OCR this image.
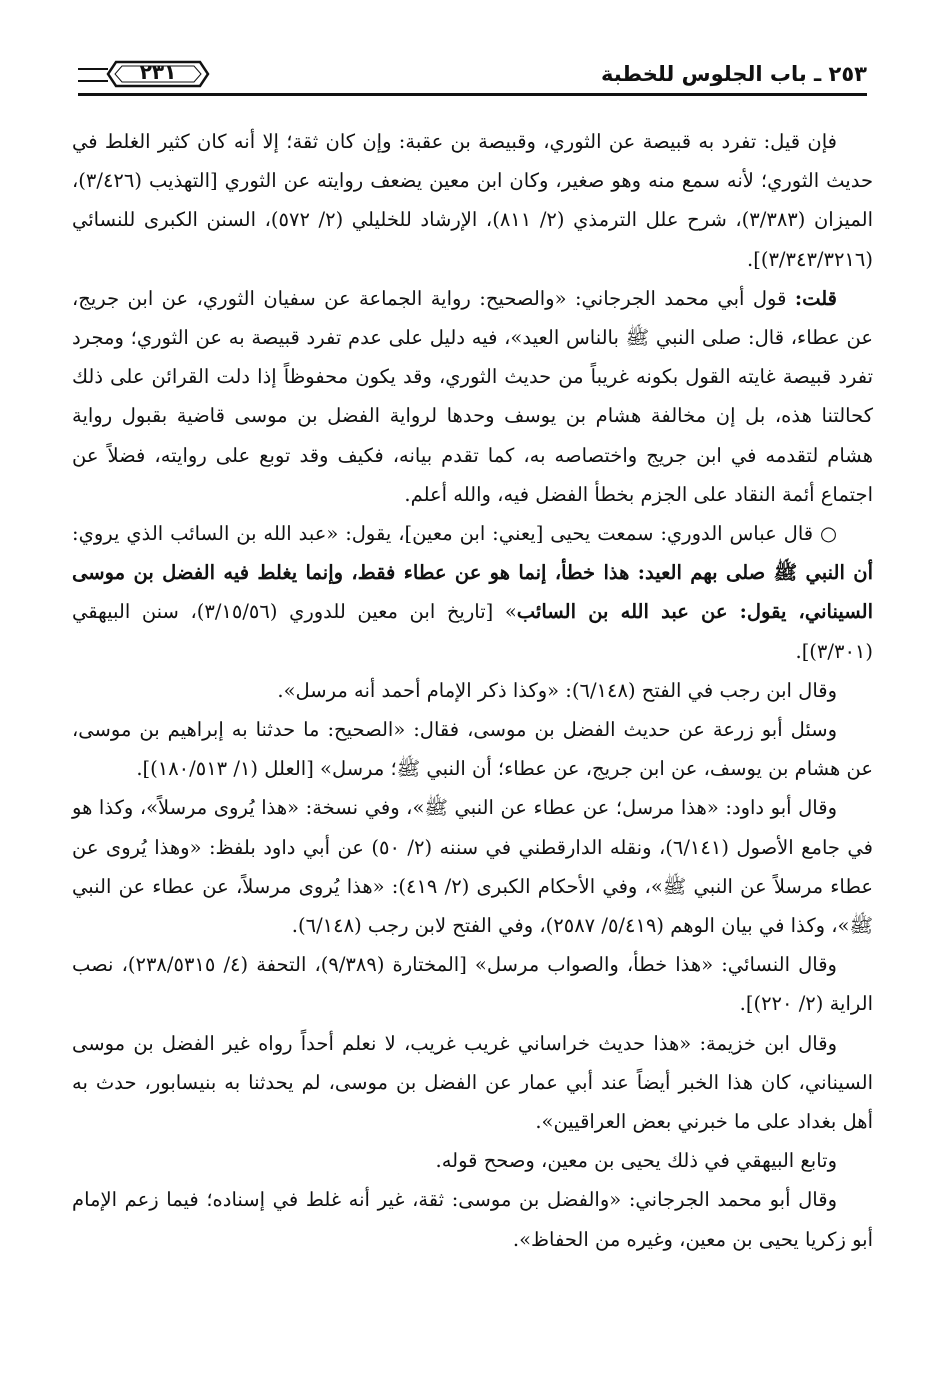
٢٥٣ ـ باب الجلوس للخطبة
٢٣١

فإن قيل: تفرد به قبيصة عن الثوري، وقبيصة بن عقبة: وإن كان ثقة؛ إلا أنه كان كثير الغلط في حديث الثوري؛ لأنه سمع منه وهو صغير، وكان ابن معين يضعف روايته عن الثوري [التهذيب (٣/٤٢٦)، الميزان (٣/٣٨٣)، شرح علل الترمذي (٢/ ٨١١)، الإرشاد للخليلي (٢/ ٥٧٢)، السنن الكبرى للنسائي (٣/٣٤٣/٣٢١٦)].

قلت: قول أبي محمد الجرجاني: «والصحيح: رواية الجماعة عن سفيان الثوري، عن ابن جريج، عن عطاء، قال: صلى النبي ﷺ بالناس العيد»، فيه دليل على عدم تفرد قبيصة به عن الثوري؛ ومجرد تفرد قبيصة غايته القول بكونه غريباً من حديث الثوري، وقد يكون محفوظاً إذا دلت القرائن على ذلك كحالتنا هذه، بل إن مخالفة هشام بن يوسف وحدها لرواية الفضل بن موسى قاضية بقبول رواية هشام لتقدمه في ابن جريج واختصاصه به، كما تقدم بيانه، فكيف وقد توبع على روايته، فضلاً عن اجتماع أئمة النقاد على الجزم بخطأ الفضل فيه، والله أعلم.

○ قال عباس الدوري: سمعت يحيى [يعني: ابن معين]، يقول: «عبد الله بن السائب الذي يروي: أن النبي ﷺ صلى بهم العيد: هذا خطأ، إنما هو عن عطاء فقط، وإنما يغلط فيه الفضل بن موسى السيناني، يقول: عن عبد الله بن السائب» [تاريخ ابن معين للدوري (٣/١٥/٥٦)، سنن البيهقي (٣/٣٠١)].

وقال ابن رجب في الفتح (٦/١٤٨): «وكذا ذكر الإمام أحمد أنه مرسل».

وسئل أبو زرعة عن حديث الفضل بن موسى، فقال: «الصحيح: ما حدثنا به إبراهيم بن موسى، عن هشام بن يوسف، عن ابن جريج، عن عطاء؛ أن النبي ﷺ؛ مرسل» [العلل (١/ ١٨٠/٥١٣)].

وقال أبو داود: «هذا مرسل؛ عن عطاء عن النبي ﷺ»، وفي نسخة: «هذا يُروى مرسلاً»، وكذا هو في جامع الأصول (٦/١٤١)، ونقله الدارقطني في سننه (٢/ ٥٠) عن أبي داود بلفظ: «وهذا يُروى عن عطاء مرسلاً عن النبي ﷺ»، وفي الأحكام الكبرى (٢/ ٤١٩): «هذا يُروى مرسلاً، عن عطاء عن النبي ﷺ»، وكذا في بيان الوهم (٥/٤١٩/ ٢٥٨٧)، وفي الفتح لابن رجب (٦/١٤٨).

وقال النسائي: «هذا خطأ، والصواب مرسل» [المختارة (٩/٣٨٩)، التحفة (٤/ ٢٣٨/٥٣١٥)، نصب الراية (٢/ ٢٢٠)].

وقال ابن خزيمة: «هذا حديث خراساني غريب غريب، لا نعلم أحداً رواه غير الفضل بن موسى السيناني، كان هذا الخبر أيضاً عند أبي عمار عن الفضل بن موسى، لم يحدثنا به بنيسابور، حدث به أهل بغداد على ما خبرني بعض العراقيين».

وتابع البيهقي في ذلك يحيى بن معين، وصحح قوله.

وقال أبو محمد الجرجاني: «والفضل بن موسى: ثقة، غير أنه غلط في إسناده؛ فيما زعم الإمام أبو زكريا يحيى بن معين، وغيره من الحفاظ».
